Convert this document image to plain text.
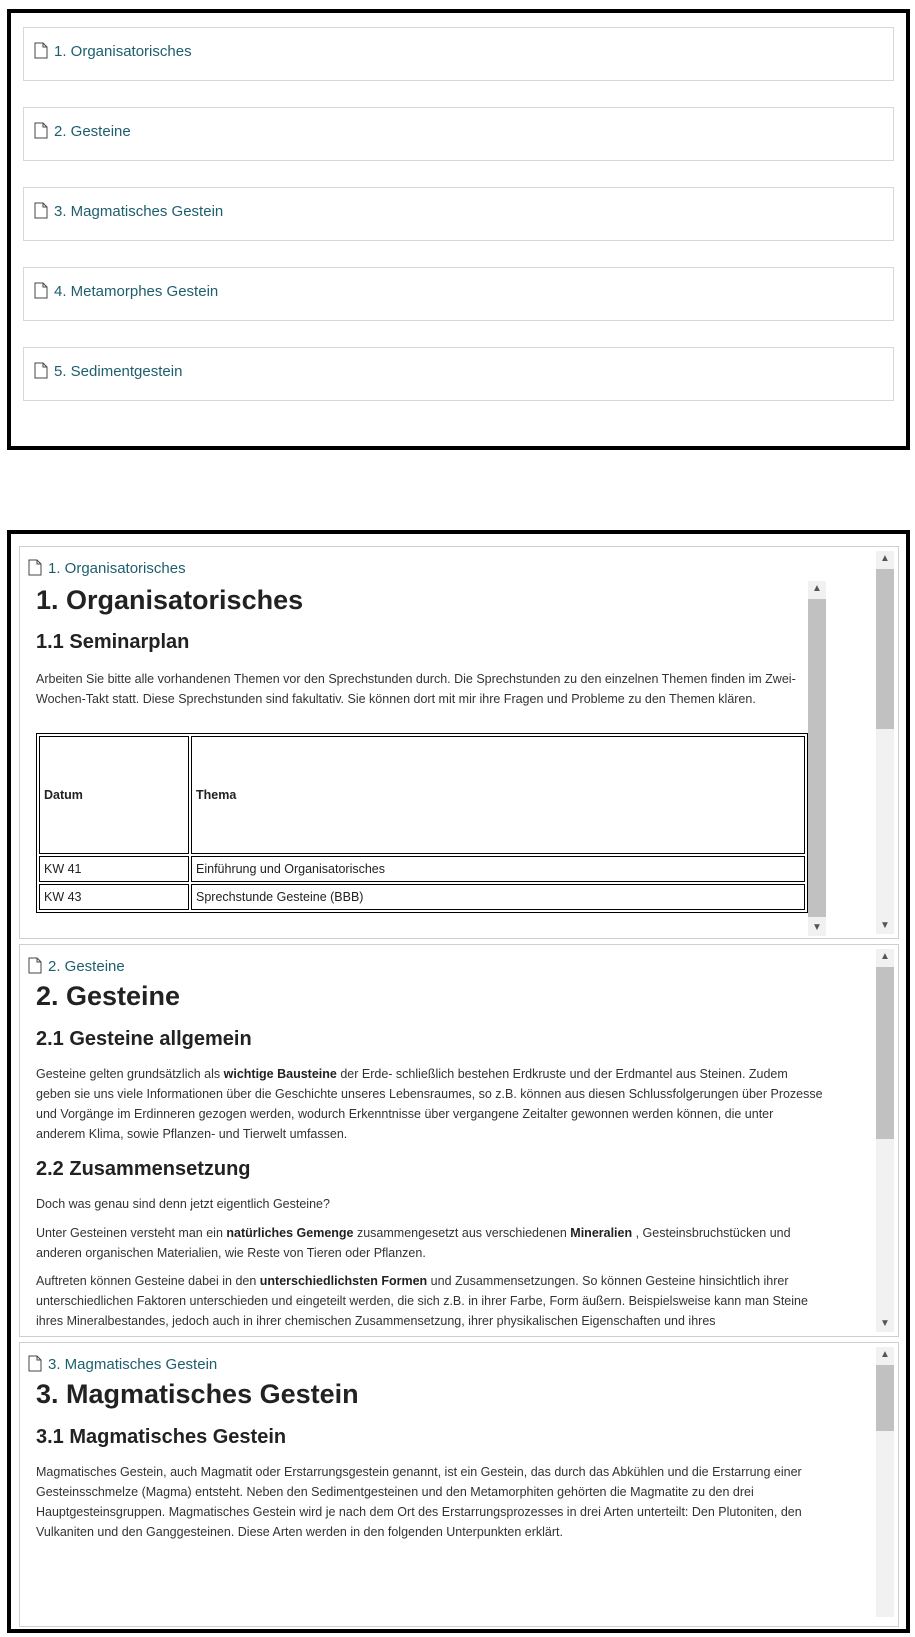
1. Organisatorisches
2. Gesteine
3. Magmatisches Gestein
4. Metamorphes Gestein
5. Sedimentgestein
1. Organisatorisches
1. Organisatorisches
1.1 Seminarplan
Arbeiten Sie bitte alle vorhandenen Themen vor den Sprechstunden durch. Die Sprechstunden zu den einzelnen Themen finden im Zwei-Wochen-Takt statt. Diese Sprechstunden sind fakultativ. Sie können dort mit mir ihre Fragen und Probleme zu den Themen klären.
Datum	Thema
KW 41	Einführung und Organisatorisches
KW 43	Sprechstunde Gesteine (BBB)
▲
▼
▲
▼
2. Gesteine
2. Gesteine
2.1 Gesteine allgemein
Gesteine gelten grundsätzlich als wichtige Bausteine der Erde- schließlich bestehen Erdkruste und der Erdmantel aus Steinen. Zudem geben sie uns viele Informationen über die Geschichte unseres Lebensraumes, so z.B. können aus diesen Schlussfolgerungen über Prozesse und Vorgänge im Erdinneren gezogen werden, wodurch Erkenntnisse über vergangene Zeitalter gewonnen werden können, die unter anderem Klima, sowie Pflanzen- und Tierwelt umfassen.
2.2 Zusammensetzung
Doch was genau sind denn jetzt eigentlich Gesteine?
Unter Gesteinen versteht man ein natürliches Gemenge zusammengesetzt aus verschiedenen Mineralien , Gesteinsbruchstücken und anderen organischen Materialien, wie Reste von Tieren oder Pflanzen.
Auftreten können Gesteine dabei in den unterschiedlichsten Formen und Zusammensetzungen. So können Gesteine hinsichtlich ihrer unterschiedlichen Faktoren unterschieden und eingeteilt werden, die sich z.B. in ihrer Farbe, Form äußern. Beispielsweise kann man Steine ihres Mineralbestandes, jedoch auch in ihrer chemischen Zusammensetzung, ihrer physikalischen Eigenschaften und ihres
▲
▼
3. Magmatisches Gestein
3. Magmatisches Gestein
3.1 Magmatisches Gestein
Magmatisches Gestein, auch Magmatit oder Erstarrungsgestein genannt, ist ein Gestein, das durch das Abkühlen und die Erstarrung einer Gesteinsschmelze (Magma) entsteht. Neben den Sedimentgesteinen und den Metamorphiten gehörten die Magmatite zu den drei Hauptgesteinsgruppen. Magmatisches Gestein wird je nach dem Ort des Erstarrungsprozesses in drei Arten unterteilt: Den Plutoniten, den Vulkaniten und den Ganggesteinen. Diese Arten werden in den folgenden Unterpunkten erklärt.
▲
